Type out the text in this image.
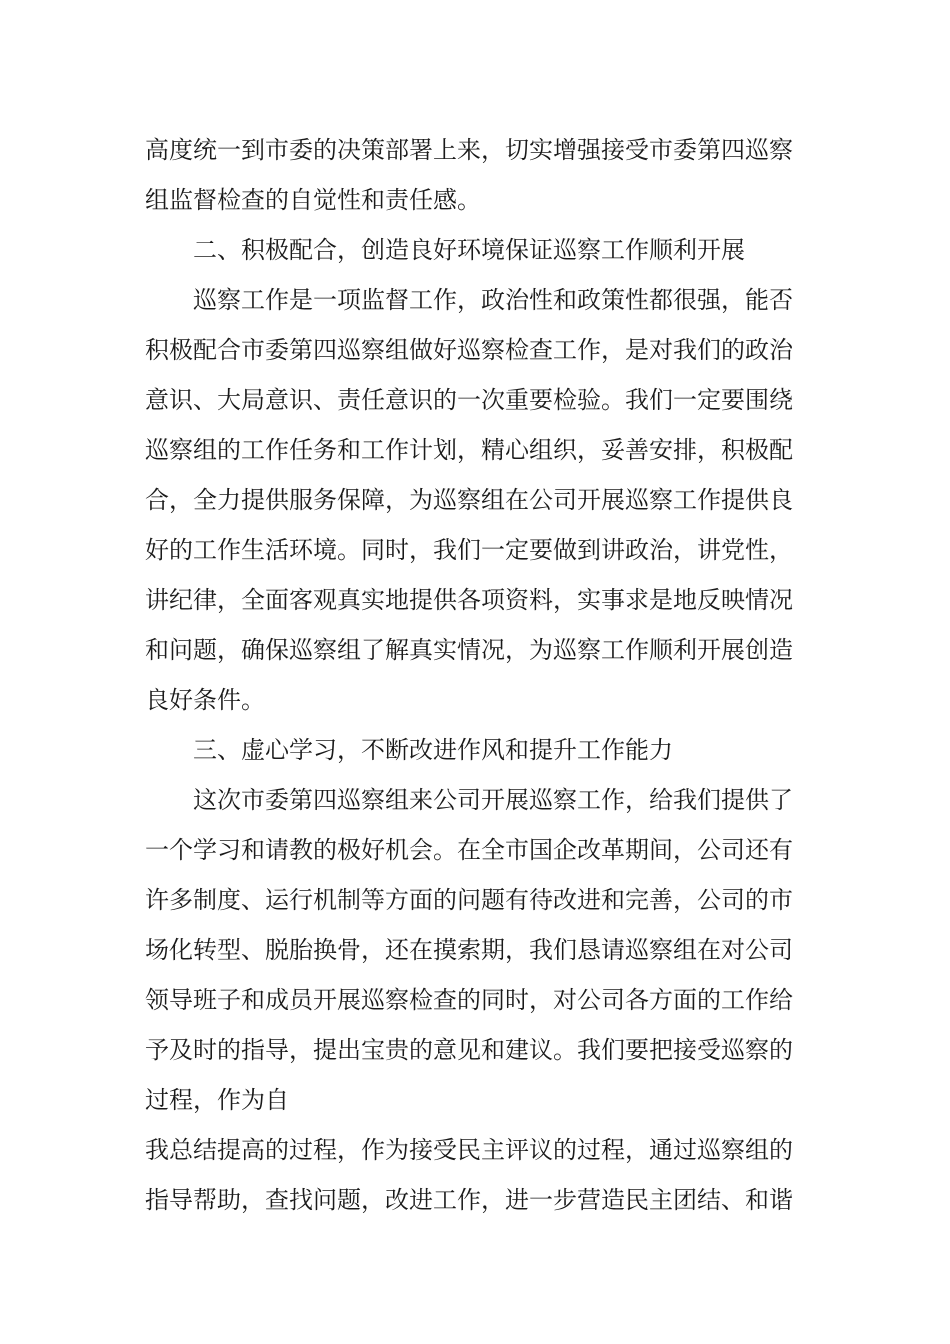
高度统一到市委的决策部署上来，切实增强接受市委第四巡察

组监督检查的自觉性和责任感。

二、积极配合，创造良好环境保证巡察工作顺利开展

巡察工作是一项监督工作，政治性和政策性都很强，能否

积极配合市委第四巡察组做好巡察检查工作，是对我们的政治

意识、大局意识、责任意识的一次重要检验。我们一定要围绕

巡察组的工作任务和工作计划，精心组织，妥善安排，积极配

合，全力提供服务保障，为巡察组在公司开展巡察工作提供良

好的工作生活环境。同时，我们一定要做到讲政治，讲党性，

讲纪律，全面客观真实地提供各项资料，实事求是地反映情况

和问题，确保巡察组了解真实情况，为巡察工作顺利开展创造

良好条件。

三、虚心学习，不断改进作风和提升工作能力

这次市委第四巡察组来公司开展巡察工作，给我们提供了

一个学习和请教的极好机会。在全市国企改革期间，公司还有

许多制度、运行机制等方面的问题有待改进和完善，公司的市

场化转型、脱胎换骨，还在摸索期，我们恳请巡察组在对公司

领导班子和成员开展巡察检查的同时，对公司各方面的工作给

予及时的指导，提出宝贵的意见和建议。我们要把接受巡察的

过程，作为自

我总结提高的过程，作为接受民主评议的过程，通过巡察组的

指导帮助，查找问题，改进工作，进一步营造民主团结、和谐
